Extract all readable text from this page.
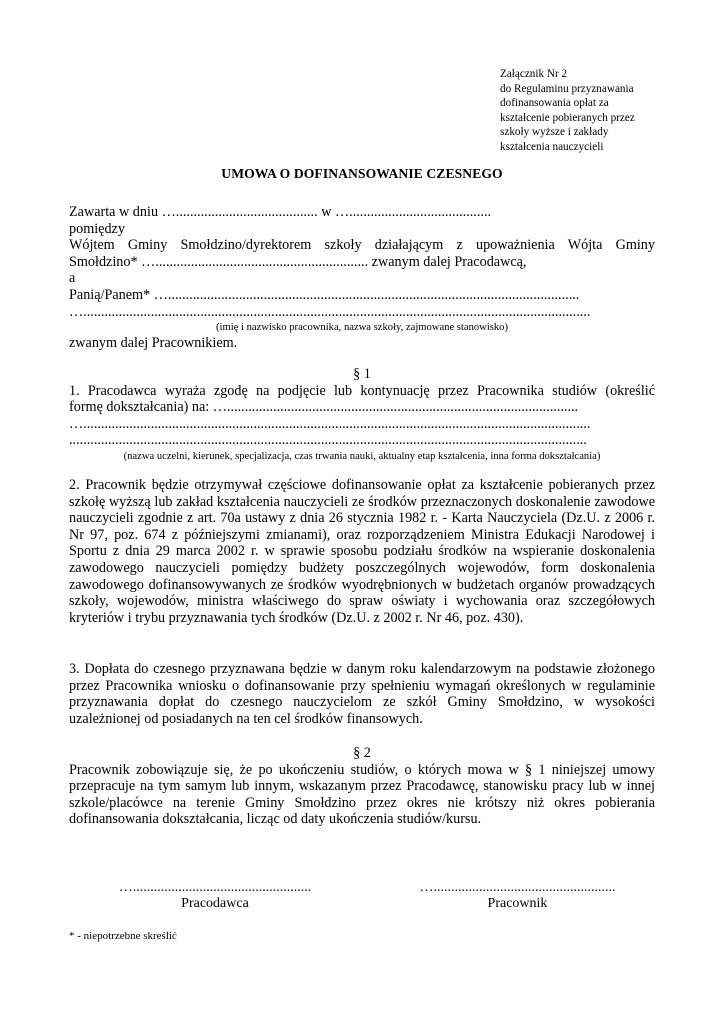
Załącznik Nr 2
do Regulaminu przyznawania
dofinansowania opłat za
kształcenie pobieranych przez
szkoły wyższe i zakłady
kształcenia nauczycieli
UMOWA O DOFINANSOWANIE CZESNEGO
Zawarta w dniu …........................................ w …........................................
pomiędzy
Wójtem Gminy Smołdzino/dyrektorem szkoły działającym z upoważnienia Wójta Gminy
Smołdzino* …............................................................ zwanym dalej Pracodawcą,
a
Panią/Panem* …....................................................................................................................
…...............................................................................................................................................
(imię i nazwisko pracownika, nazwa szkoły, zajmowane stanowisko)
zwanym dalej Pracownikiem.
§ 1
1. Pracodawca wyraża zgodę na podjęcie lub kontynuację przez Pracownika studiów (określić
formę dokształcania) na: …...................................................................................................
…...............................................................................................................................................
..................................................................................................................................................
(nazwa uczelni, kierunek, specjalizacja, czas trwania nauki, aktualny etap kształcenia, inna forma dokształcania)
2. Pracownik będzie otrzymywał częściowe dofinansowanie opłat za kształcenie pobieranych przez szkołę wyższą lub zakład kształcenia nauczycieli ze środków przeznaczonych doskonalenie zawodowe nauczycieli zgodnie z art. 70a ustawy z dnia 26 stycznia 1982 r. - Karta Nauczyciela (Dz.U. z 2006 r. Nr 97, poz. 674 z późniejszymi zmianami), oraz rozporządzeniem Ministra Edukacji Narodowej i Sportu z dnia 29 marca 2002 r. w sprawie sposobu podziału środków na wspieranie doskonalenia zawodowego nauczycieli pomiędzy budżety poszczególnych wojewodów, form doskonalenia zawodowego dofinansowywanych ze środków wyodrębnionych w budżetach organów prowadzących szkoły, wojewodów, ministra właściwego do spraw oświaty i wychowania oraz szczegółowych kryteriów i trybu przyznawania tych środków (Dz.U. z 2002 r. Nr 46, poz. 430).
3. Dopłata do czesnego przyznawana będzie w danym roku kalendarzowym na podstawie złożonego przez Pracownika wniosku o dofinansowanie przy spełnieniu wymagań określonych w regulaminie przyznawania dopłat do czesnego nauczycielom ze szkół Gminy Smołdzino, w wysokości uzależnionej od posiadanych na ten cel środków finansowych.
§ 2
Pracownik zobowiązuje się, że po ukończeniu studiów, o których mowa w § 1 niniejszej umowy przepracuje na tym samym lub innym, wskazanym przez Pracodawcę, stanowisku pracy lub w innej szkole/placówce na terenie Gminy Smołdzino przez okres nie krótszy niż okres pobierania dofinansowania dokształcania, licząc od daty ukończenia studiów/kursu.
…...................................................
Pracodawca
…....................................................
Pracownik
* - niepotrzebne skreślić
